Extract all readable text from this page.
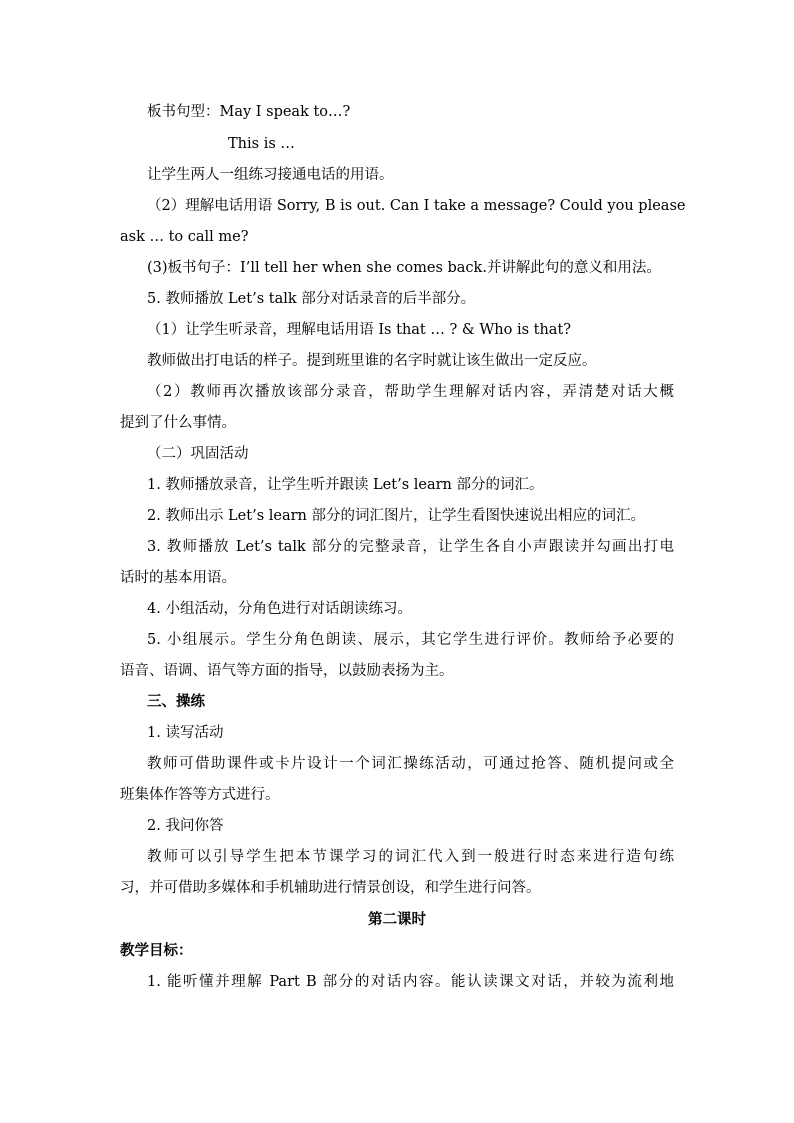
板书句型：May I speak to…?
This is …
让学生两人一组练习接通电话的用语。
（2）理解电话用语 Sorry, B is out. Can I take a message? Could you please
ask … to call me?
(3)板书句子：I’ll tell her when she comes back.并讲解此句的意义和用法。
5. 教师播放 Let’s talk 部分对话录音的后半部分。
（1）让学生听录音，理解电话用语 Is that … ? & Who is that?
教师做出打电话的样子。提到班里谁的名字时就让该生做出一定反应。
（2）教师再次播放该部分录音，帮助学生理解对话内容，弄清楚对话大概
提到了什么事情。
（二）巩固活动
1. 教师播放录音，让学生听并跟读 Let’s learn 部分的词汇。
2. 教师出示 Let’s learn 部分的词汇图片，让学生看图快速说出相应的词汇。
3. 教师播放 Let’s talk 部分的完整录音，让学生各自小声跟读并勾画出打电
话时的基本用语。
4. 小组活动，分角色进行对话朗读练习。
5. 小组展示。学生分角色朗读、展示，其它学生进行评价。教师给予必要的
语音、语调、语气等方面的指导，以鼓励表扬为主。
三、操练
1. 读写活动
教师可借助课件或卡片设计一个词汇操练活动，可通过抢答、随机提问或全
班集体作答等方式进行。
2. 我问你答
教师可以引导学生把本节课学习的词汇代入到一般进行时态来进行造句练
习，并可借助多媒体和手机辅助进行情景创设，和学生进行问答。
第二课时
教学目标：
1. 能听懂并理解 Part B 部分的对话内容。能认读课文对话，并较为流利地
